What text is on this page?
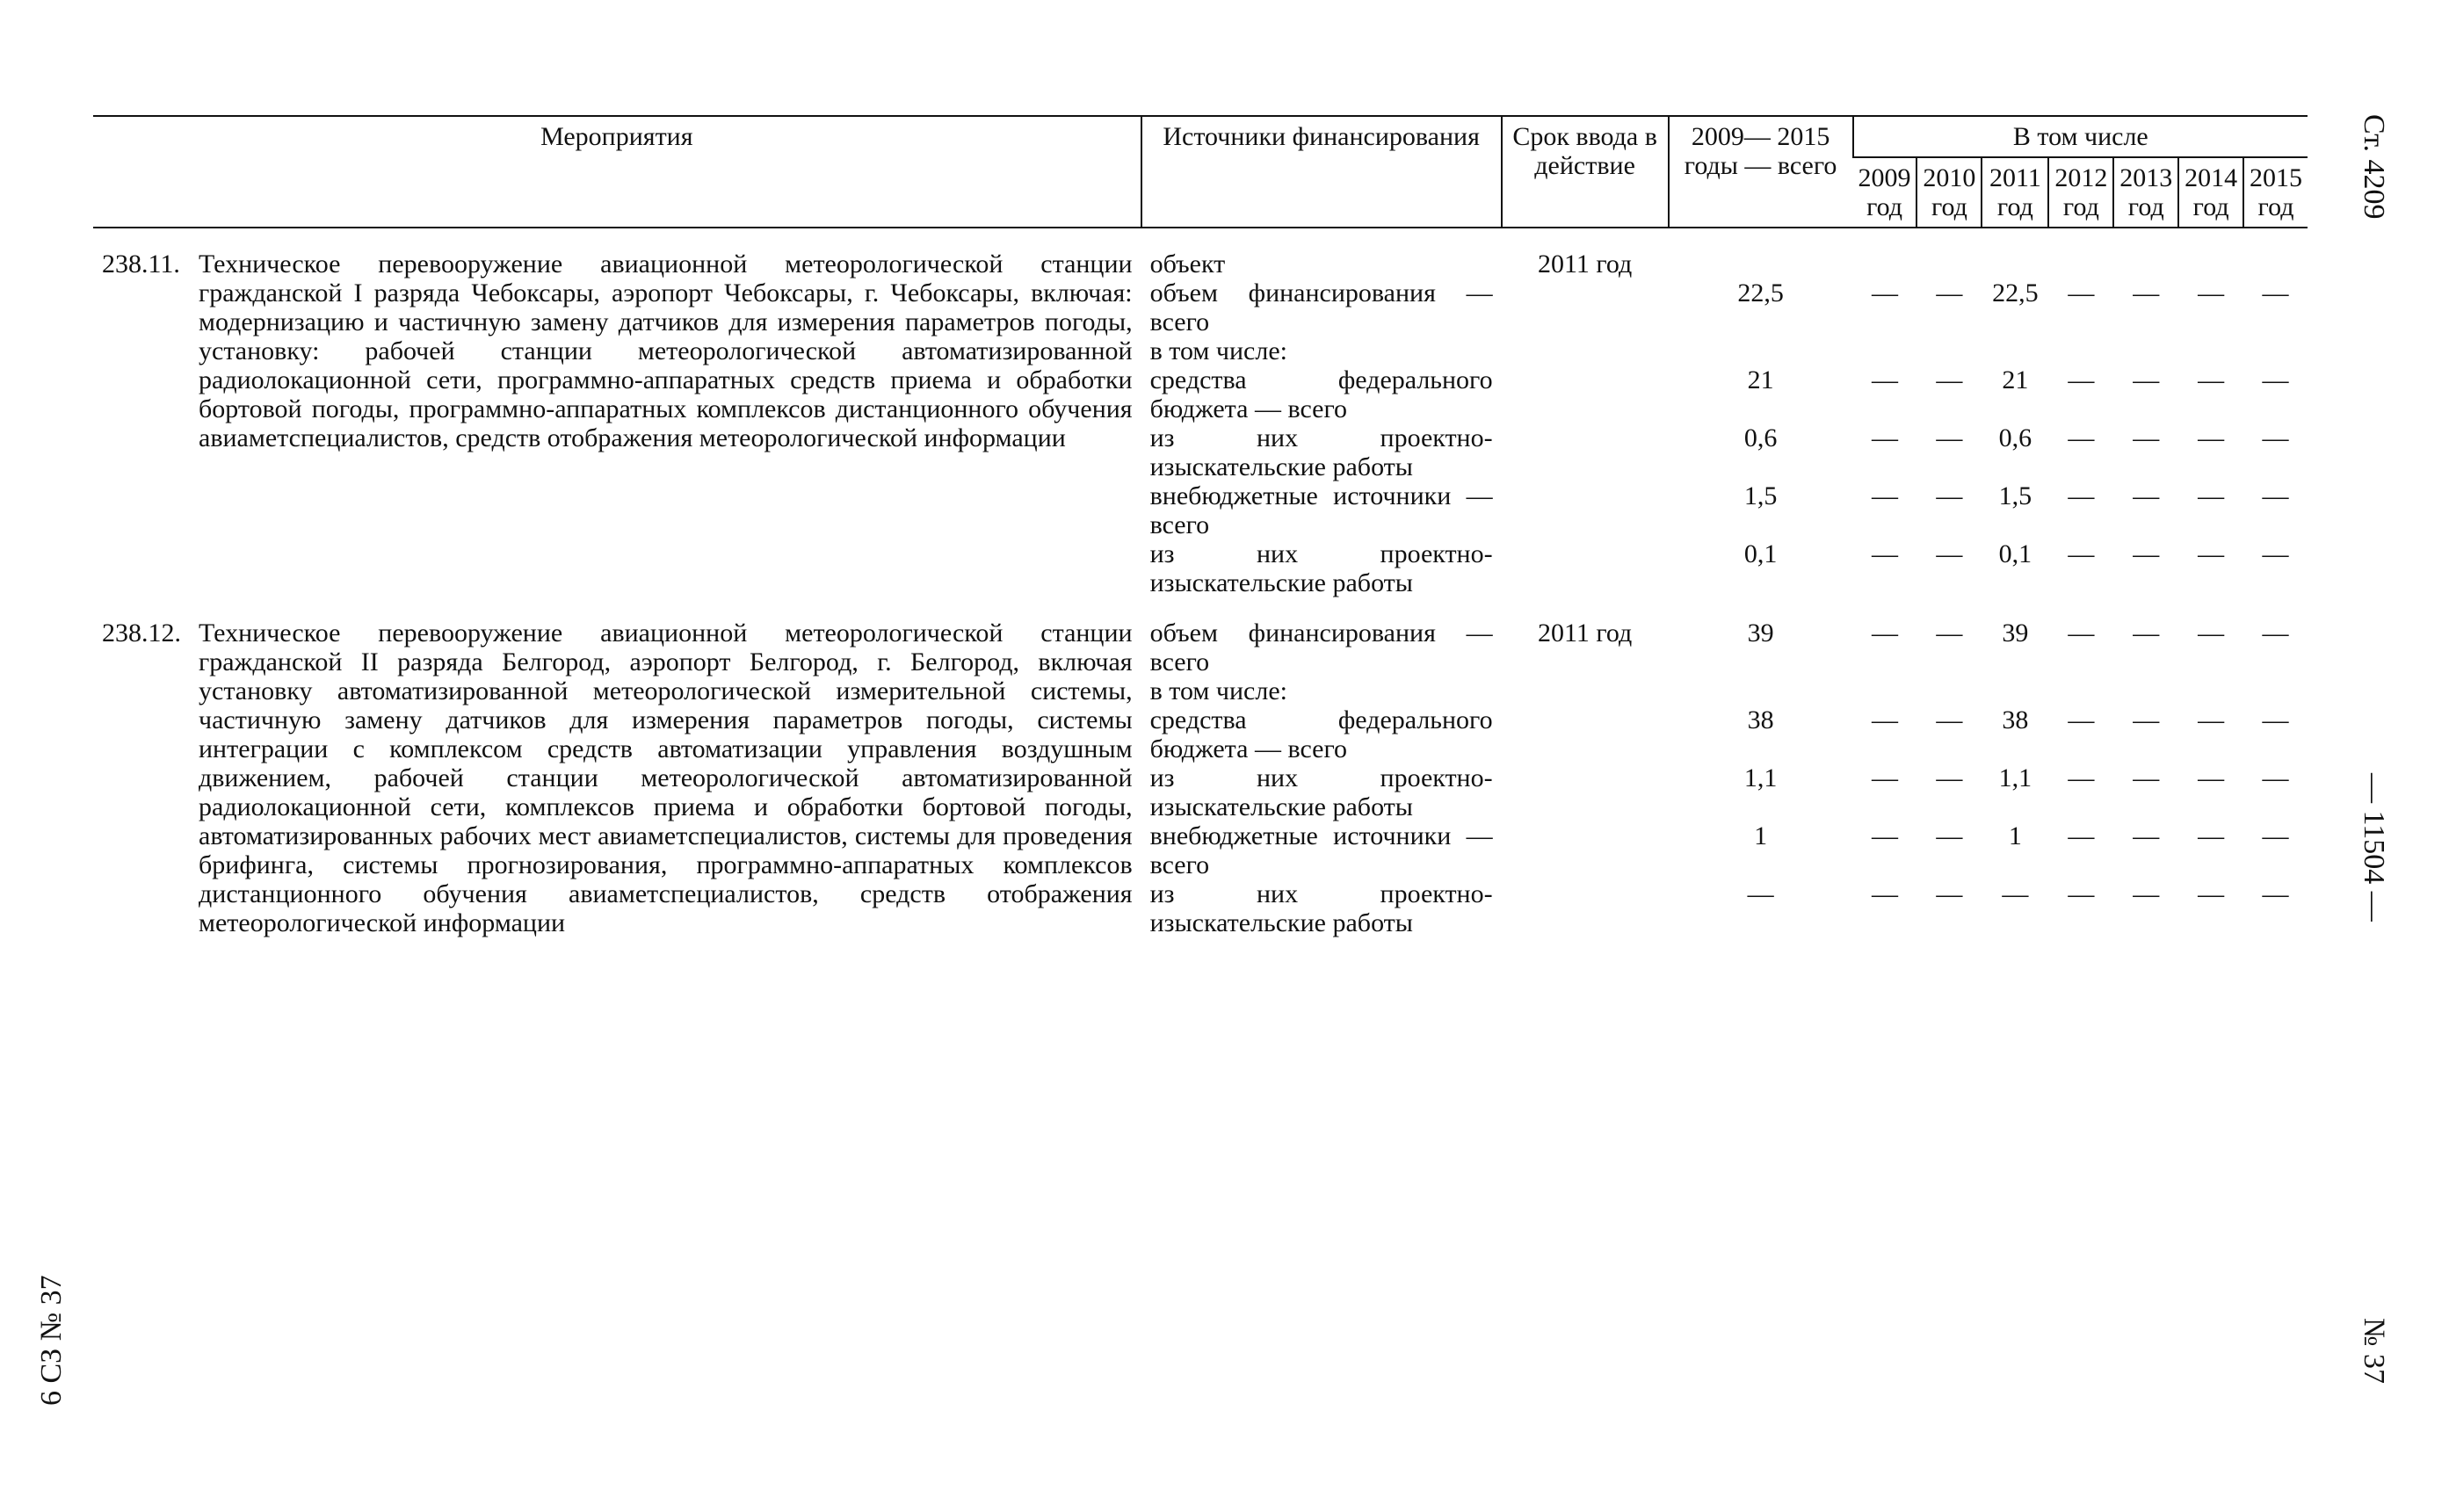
Ст. 4209
— 11504 —
№ 37
6 СЗ № 37
Мероприятия		Источники финансирования	Срок ввода в действие	2009— 2015 годы — всего	В том числе						
					2009 год	2010 год	2011 год	2012 год	2013 год	2014 год	2015 год
238.11.	Техническое перевооружение авиационной метеорологической станции гражданской I разряда Чебоксары, аэропорт Чебоксары, г. Чебоксары, включая: модернизацию и частичную замену датчиков для измерения параметров погоды, установку: рабочей станции метеорологической автоматизированной радиолокационной сети, программно-аппаратных средств приема и обработки бортовой погоды, программно-аппаратных комплексов дистанционного обучения авиаметспециалистов, средств отображения метеорологической информации	объект	2011 год								
		объем финансирования — всего		22,5	—	—	22,5	—	—	—	—
		в том числе:									
		средства федерального бюджета — всего		21	—	—	21	—	—	—	—
		из них проектно-изыскательские работы		0,6	—	—	0,6	—	—	—	—
		внебюджетные источники — всего		1,5	—	—	1,5	—	—	—	—
		из них проектно-изыскательские работы		0,1	—	—	0,1	—	—	—	—
238.12.	Техническое перевооружение авиационной метеорологической станции гражданской II разряда Белгород, аэропорт Белгород, г. Белгород, включая установку автоматизированной метеорологической измерительной системы, частичную замену датчиков для измерения параметров погоды, системы интеграции с комплексом средств автоматизации управления воздушным движением, рабочей станции метеорологической автоматизированной радиолокационной сети, комплексов приема и обработки бортовой погоды, автоматизированных рабочих мест авиаметспециалистов, системы для проведения брифинга, системы прогнозирования, программно-аппаратных комплексов дистанционного обучения авиаметспециалистов, средств отображения метеорологической информации	объем финансирования — всего	2011 год	39	—	—	39	—	—	—	—
		в том числе:									
		средства федерального бюджета — всего		38	—	—	38	—	—	—	—
		из них проектно-изыскательские работы		1,1	—	—	1,1	—	—	—	—
		внебюджетные источники — всего		1	—	—	1	—	—	—	—
		из них проектно-изыскательские работы		—	—	—	—	—	—	—	—
